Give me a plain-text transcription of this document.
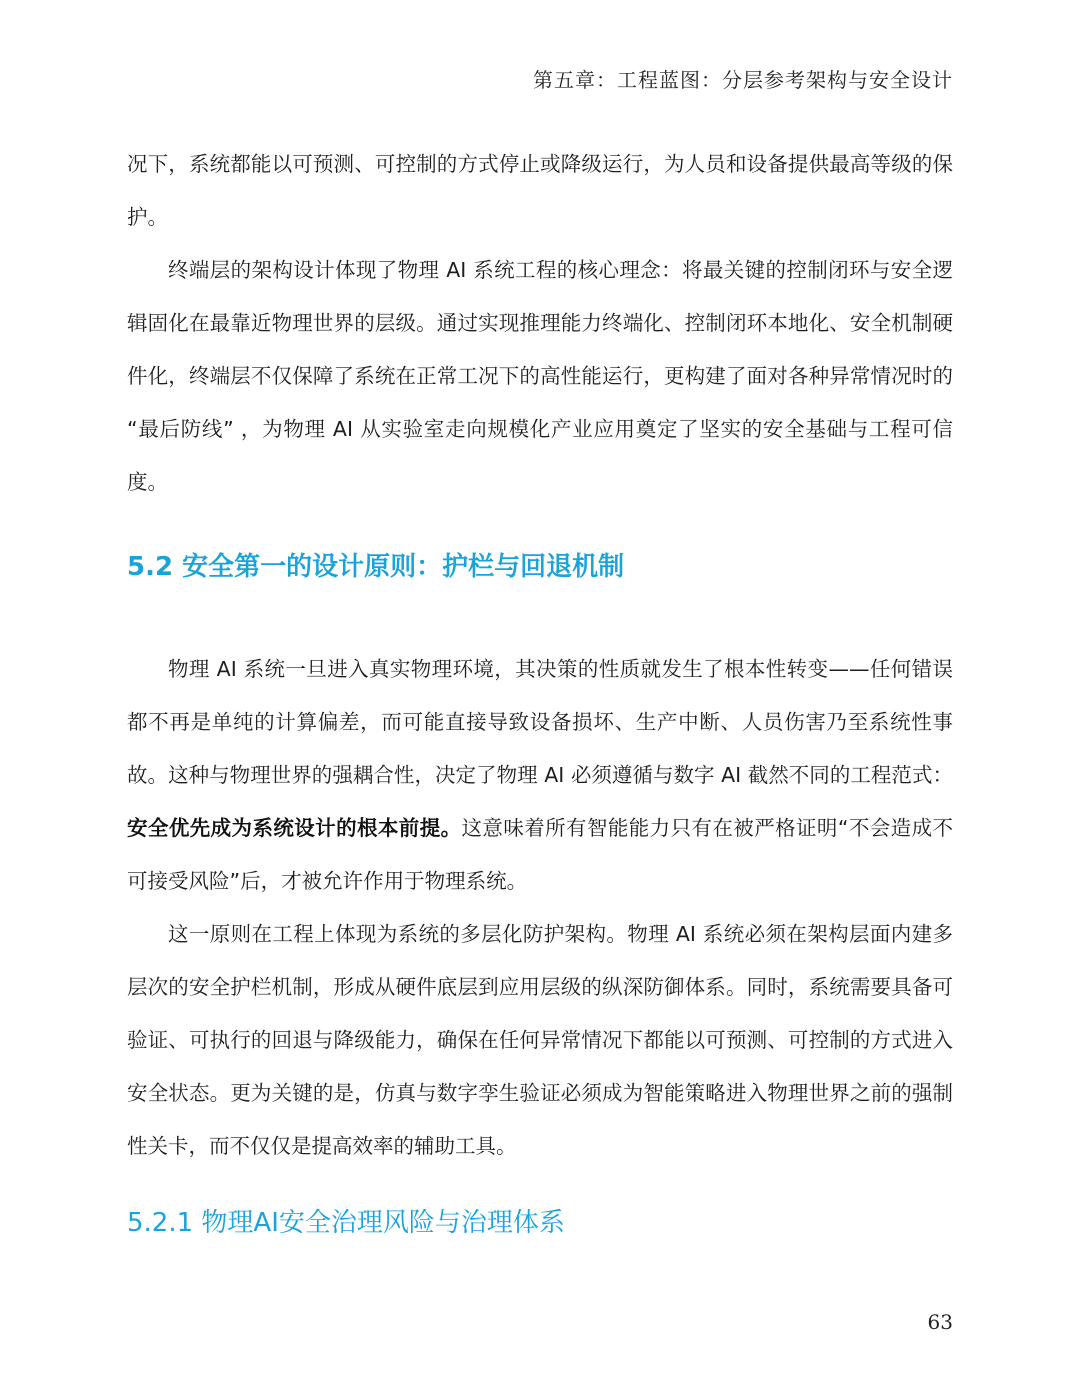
第五章：工程蓝图：分层参考架构与安全设计

况下，系统都能以可预测、可控制的方式停止或降级运行，为人员和设备提供最高等级的保护。

终端层的架构设计体现了物理 AI 系统工程的核心理念：将最关键的控制闭环与安全逻辑固化在最靠近物理世界的层级。通过实现推理能力终端化、控制闭环本地化、安全机制硬件化，终端层不仅保障了系统在正常工况下的高性能运行，更构建了面对各种异常情况时的 “最后防线” ，为物理 AI 从实验室走向规模化产业应用奠定了坚实的安全基础与工程可信度。

5.2 安全第一的设计原则：护栏与回退机制

物理 AI 系统一旦进入真实物理环境，其决策的性质就发生了根本性转变——任何错误都不再是单纯的计算偏差，而可能直接导致设备损坏、生产中断、人员伤害乃至系统性事故。这种与物理世界的强耦合性，决定了物理 AI 必须遵循与数字 AI 截然不同的工程范式：安全优先成为系统设计的根本前提。这意味着所有智能能力只有在被严格证明“不会造成不可接受风险”后，才被允许作用于物理系统。

这一原则在工程上体现为系统的多层化防护架构。物理 AI 系统必须在架构层面内建多层次的安全护栏机制，形成从硬件底层到应用层级的纵深防御体系。同时，系统需要具备可验证、可执行的回退与降级能力，确保在任何异常情况下都能以可预测、可控制的方式进入安全状态。更为关键的是，仿真与数字孪生验证必须成为智能策略进入物理世界之前的强制性关卡，而不仅仅是提高效率的辅助工具。

5.2.1 物理AI安全治理风险与治理体系
63
